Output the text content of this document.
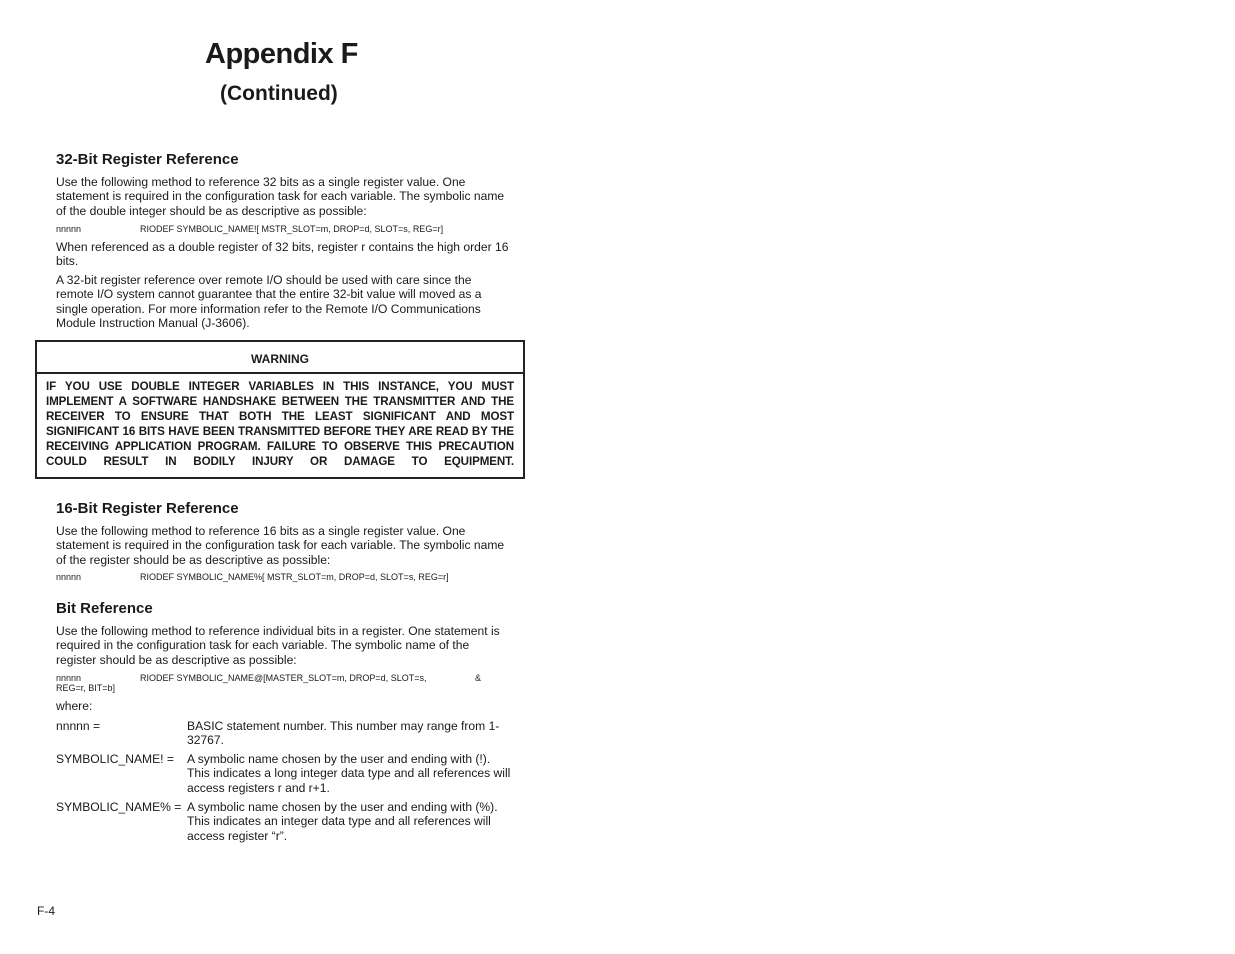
Appendix F
(Continued)
32-Bit Register Reference
Use the following method to reference 32 bits as a single register value. One statement is required in the configuration task for each variable. The symbolic name of the double integer should be as descriptive as possible:
nnnnn	RIODEF SYMBOLIC_NAME![ MSTR_SLOT=m, DROP=d, SLOT=s, REG=r]
When referenced as a double register of 32 bits, register r contains the high order 16 bits.
A 32-bit register reference over remote I/O should be used with care since the remote I/O system cannot guarantee that the entire 32-bit value will moved as a single operation. For more information refer to the Remote I/O Communications Module Instruction Manual (J-3606).
WARNING
IF YOU USE DOUBLE INTEGER VARIABLES IN THIS INSTANCE, YOU MUST IMPLEMENT A SOFTWARE HANDSHAKE BETWEEN THE TRANSMITTER AND THE RECEIVER TO ENSURE THAT BOTH THE LEAST SIGNIFICANT AND MOST SIGNIFICANT 16 BITS HAVE BEEN TRANSMITTED BEFORE THEY ARE READ BY THE RECEIVING APPLICATION PROGRAM. FAILURE TO OBSERVE THIS PRECAUTION COULD RESULT IN BODILY INJURY OR DAMAGE TO EQUIPMENT.
16-Bit Register Reference
Use the following method to reference 16 bits as a single register value. One statement is required in the configuration task for each variable. The symbolic name of the register should be as descriptive as possible:
nnnnn	RIODEF SYMBOLIC_NAME%[ MSTR_SLOT=m, DROP=d, SLOT=s, REG=r]
Bit Reference
Use the following method to reference individual bits in a register. One statement is required in the configuration task for each variable. The symbolic name of the register should be as descriptive as possible:
nnnnn	RIODEF SYMBOLIC_NAME@[MASTER_SLOT=m, DROP=d, SLOT=s,	&
REG=r, BIT=b]
where:
nnnnn =	BASIC statement number. This number may range from 1-32767.
SYMBOLIC_NAME! = A symbolic name chosen by the user and ending with (!). This indicates a long integer data type and all references will access registers r and r+1.
SYMBOLIC_NAME% = A symbolic name chosen by the user and ending with (%). This indicates an integer data type and all references will access register “r”.
F-4
